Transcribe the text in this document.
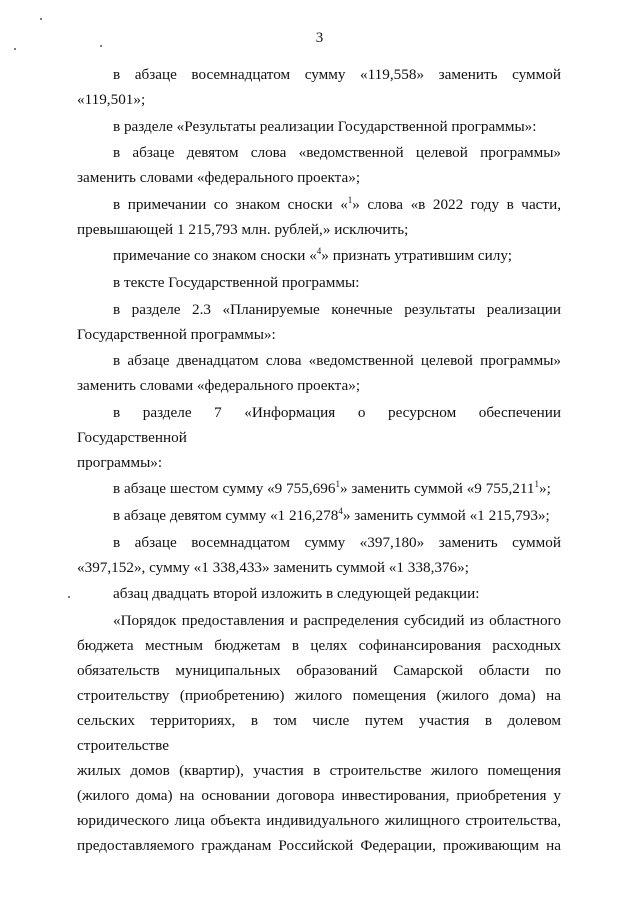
3
в абзаце восемнадцатом сумму «119,558» заменить суммой
«119,501»;
в разделе «Результаты реализации Государственной программы»:
в абзаце девятом слова «ведомственной целевой программы»
заменить словами «федерального проекта»;
в примечании со знаком сноски «$^1$» слова «в 2022 году в части,
превышающей 1 215,793 млн. рублей,» исключить;
примечание со знаком сноски «$^4$» признать утратившим силу;
в тексте Государственной программы:
в разделе 2.3 «Планируемые конечные результаты реализации
Государственной программы»:
в абзаце двенадцатом слова «ведомственной целевой программы»
заменить словами «федерального проекта»;
в разделе 7 «Информация о ресурсном обеспечении Государственной
программы»:
в абзаце шестом сумму «9 755,696$^1$» заменить суммой «9 755,211$^1$»;
в абзаце девятом сумму «1 216,278$^4$» заменить суммой «1 215,793»;
в абзаце восемнадцатом сумму «397,180» заменить суммой
«397,152», сумму «1 338,433» заменить суммой «1 338,376»;
абзац двадцать второй изложить в следующей редакции:
«Порядок предоставления и распределения субсидий из областного
бюджета местным бюджетам в целях софинансирования расходных
обязательств муниципальных образований Самарской области по
строительству (приобретению) жилого помещения (жилого дома) на
сельских территориях, в том числе путем участия в долевом строительстве
жилых домов (квартир), участия в строительстве жилого помещения
(жилого дома) на основании договора инвестирования, приобретения у
юридического лица объекта индивидуального жилищного строительства,
предоставляемого гражданам Российской Федерации, проживающим на
